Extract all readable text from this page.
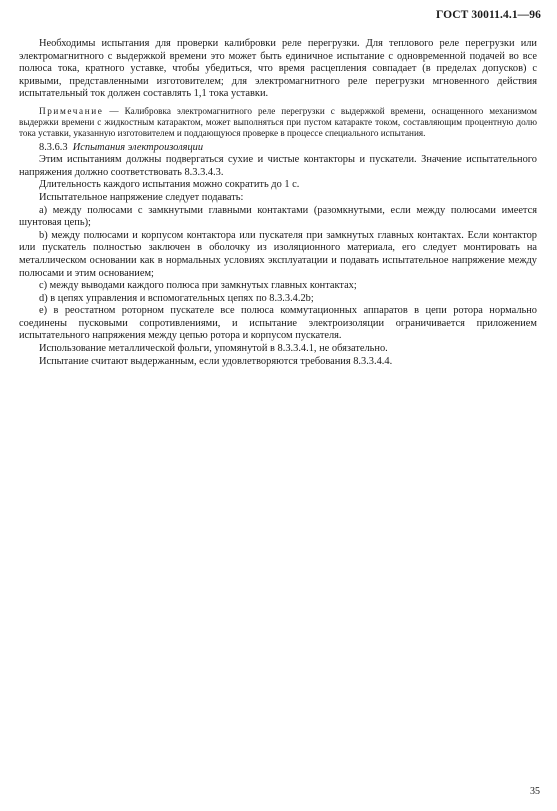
ГОСТ 30011.4.1—96

Необходимы испытания для проверки калибровки реле перегрузки. Для теплового реле перегрузки или электромагнитного с выдержкой времени это может быть единичное испытание с одновременной подачей во все полюса тока, кратного уставке, чтобы убедиться, что время расцепления совпадает (в пределах допусков) с кривыми, представленными изготовителем; для электромагнитного реле перегрузки мгновенного действия испытательный ток должен составлять 1,1 тока уставки.

Примечание — Калибровка электромагнитного реле перегрузки с выдержкой времени, оснащенного механизмом выдержки времени с жидкостным катарактом, может выполняться при пустом катаракте током, составляющим процентную долю тока уставки, указанную изготовителем и поддающуюся проверке в процессе специального испытания.

8.3.6.3 Испытания электроизоляции

Этим испытаниям должны подвергаться сухие и чистые контакторы и пускатели. Значение испытательного напряжения должно соответствовать 8.3.3.4.3.

Длительность каждого испытания можно сократить до 1 с.

Испытательное напряжение следует подавать:

а) между полюсами с замкнутыми главными контактами (разомкнутыми, если между полюсами имеется шунтовая цепь);

b) между полюсами и корпусом контактора или пускателя при замкнутых главных контактах. Если контактор или пускатель полностью заключен в оболочку из изоляционного материала, его следует монтировать на металлическом основании как в нормальных условиях эксплуатации и подавать испытательное напряжение между полюсами и этим основанием;

с) между выводами каждого полюса при замкнутых главных контактах;

d) в цепях управления и вспомогательных цепях по 8.3.3.4.2b;

е) в реостатном роторном пускателе все полюса коммутационных аппаратов в цепи ротора нормально соединены пусковыми сопротивлениями, и испытание электроизоляции ограничивается приложением испытательного напряжения между цепью ротора и корпусом пускателя.

Использование металлической фольги, упомянутой в 8.3.3.4.1, не обязательно.

Испытание считают выдержанным, если удовлетворяются требования 8.3.3.4.4.

35
